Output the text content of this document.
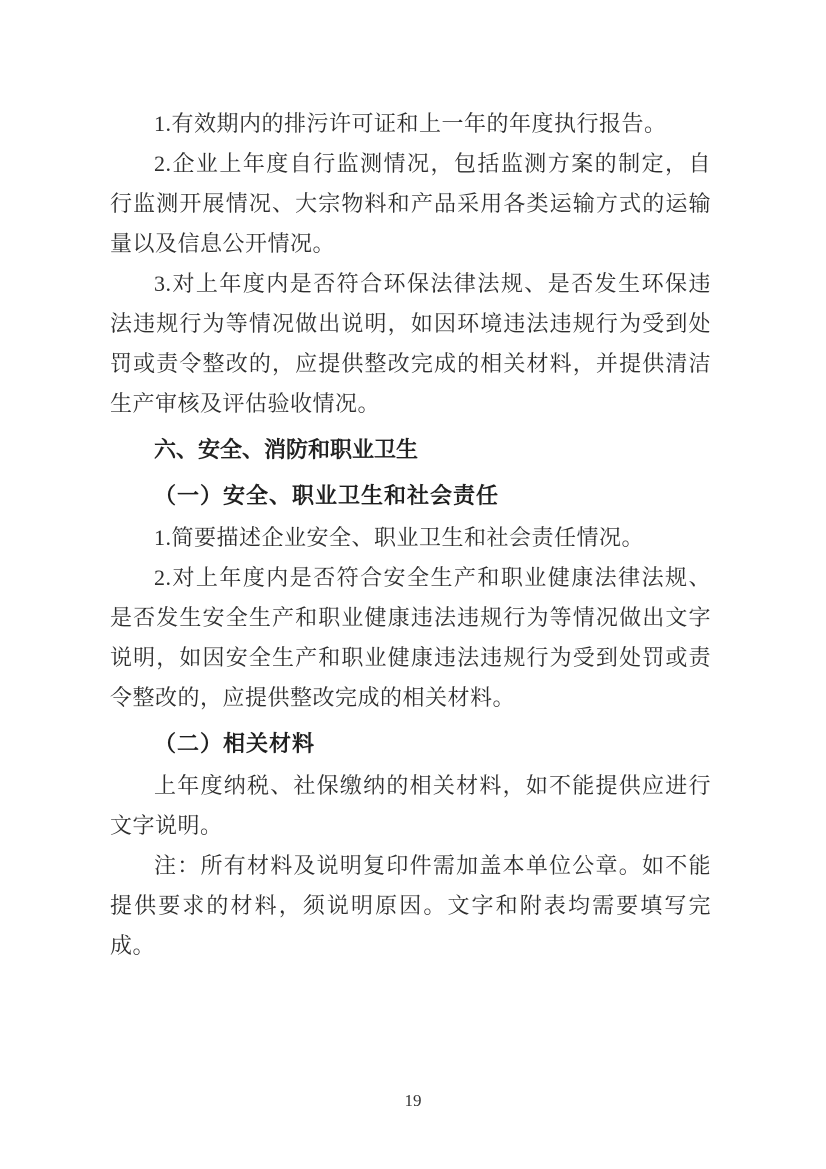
1.有效期内的排污许可证和上一年的年度执行报告。

2.企业上年度自行监测情况，包括监测方案的制定，自行监测开展情况、大宗物料和产品采用各类运输方式的运输量以及信息公开情况。

3.对上年度内是否符合环保法律法规、是否发生环保违法违规行为等情况做出说明，如因环境违法违规行为受到处罚或责令整改的，应提供整改完成的相关材料，并提供清洁生产审核及评估验收情况。

六、安全、消防和职业卫生

（一）安全、职业卫生和社会责任

1.简要描述企业安全、职业卫生和社会责任情况。

2.对上年度内是否符合安全生产和职业健康法律法规、是否发生安全生产和职业健康违法违规行为等情况做出文字说明，如因安全生产和职业健康违法违规行为受到处罚或责令整改的，应提供整改完成的相关材料。

（二）相关材料

上年度纳税、社保缴纳的相关材料，如不能提供应进行文字说明。

注：所有材料及说明复印件需加盖本单位公章。如不能提供要求的材料，须说明原因。文字和附表均需要填写完成。

19
